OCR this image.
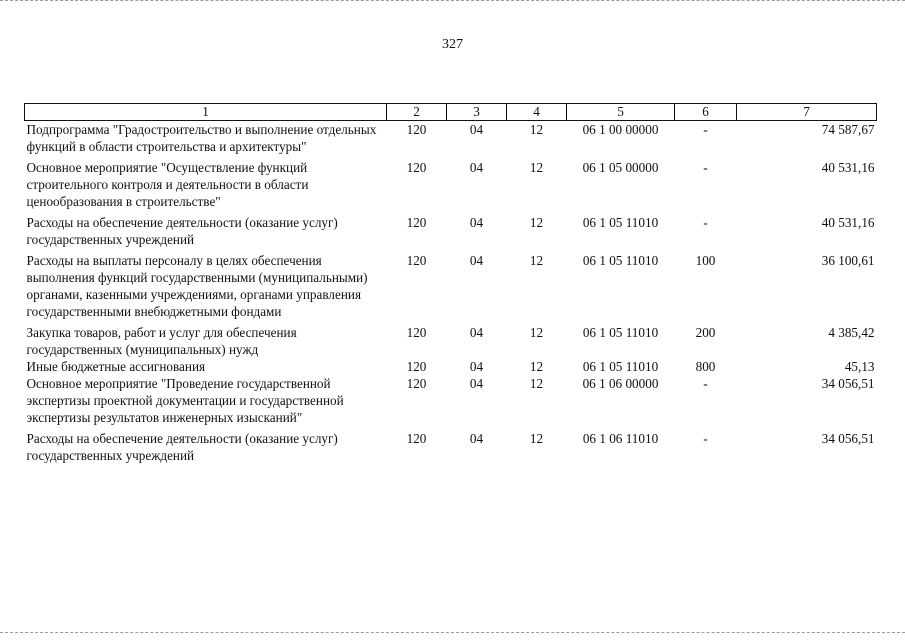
327
1	2	3	4	5	6	7
Подпрограмма "Градостроительство и выполнение отдельных функций в области строительства и архитектуры"	120	04	12	06 1 00 00000	-	74 587,67
Основное мероприятие "Осуществление функций строительного контроля и деятельности в области ценообразования в строительстве"	120	04	12	06 1 05 00000	-	40 531,16
Расходы на обеспечение деятельности (оказание услуг) государственных учреждений	120	04	12	06 1 05 11010	-	40 531,16
Расходы на выплаты персоналу в целях обеспечения выполнения функций государственными (муниципальными) органами, казенными учреждениями, органами управления государственными внебюджетными фондами	120	04	12	06 1 05 11010	100	36 100,61
Закупка товаров, работ и услуг для обеспечения государственных (муниципальных) нужд	120	04	12	06 1 05 11010	200	4 385,42
Иные бюджетные ассигнования	120	04	12	06 1 05 11010	800	45,13
Основное мероприятие "Проведение государственной экспертизы проектной документации и государственной экспертизы результатов инженерных изысканий"	120	04	12	06 1 06 00000	-	34 056,51
Расходы на обеспечение деятельности (оказание услуг) государственных учреждений	120	04	12	06 1 06 11010	-	34 056,51
